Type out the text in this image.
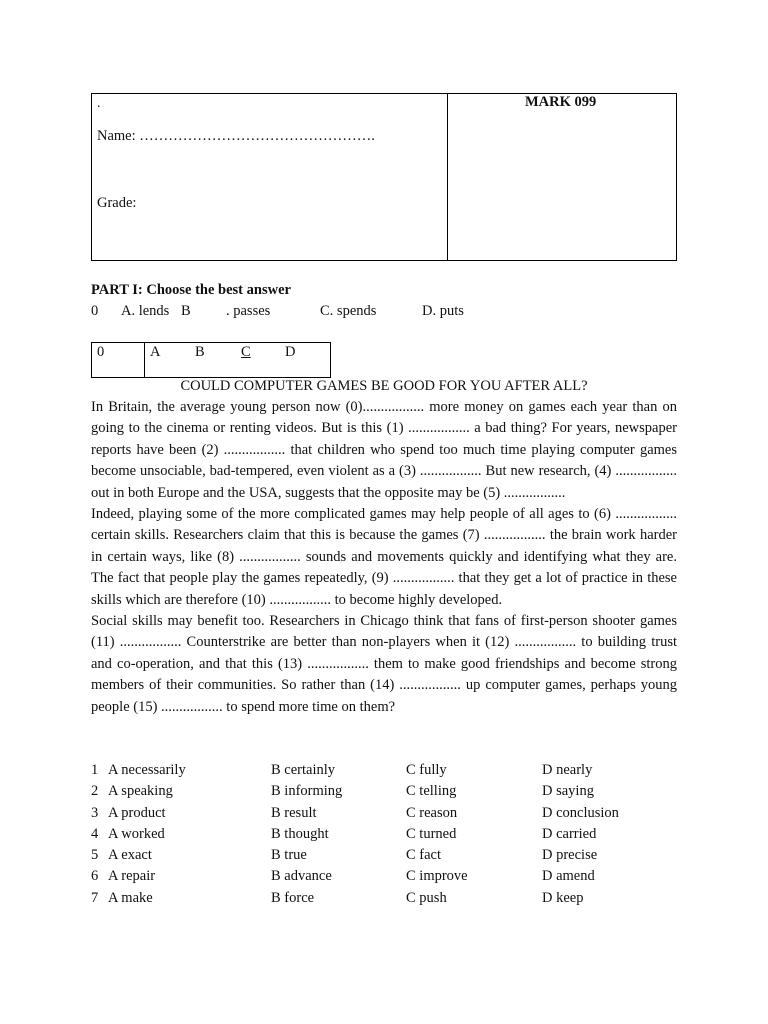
.
Name: ………………………………………….
Grade:
MARK 099
PART I: Choose the best answer

0

A. lends

B

. passes

	C. spends

	D. puts

0	A B	C D
COULD COMPUTER GAMES BE GOOD FOR YOU AFTER ALL?

In Britain, the average young person now (0)................. more money on games each year than on going to the cinema or renting videos. But is this (1) ................. a bad thing? For years, newspaper reports have been (2) ................. that children who spend too much time playing computer games become unsociable, bad-tempered, even violent as a (3) ................. But new research, (4) ................. out in both Europe and the USA, suggests that the opposite may be (5) .................

Indeed, playing some of the more complicated games may help people of all ages to (6) ................. certain skills. Researchers claim that this is because the games (7) ................. the brain work harder in certain ways, like (8) ................. sounds and movements quickly and identifying what they are. The fact that people play the games repeatedly, (9) ................. that they get a lot of practice in these skills which are therefore (10) ................. to become highly developed.

Social skills may benefit too. Researchers in Chicago think that fans of first-person shooter games (11) ................. Counterstrike are better than non-players when it (12) ................. to building trust and co-operation, and that this (13) ................. them to make good friendships and become strong members of their communities. So rather than (14) ................. up computer games, perhaps young people (15) ................. to spend more time on them?

1 A necessarily	B certainly	C fully	D nearly
2 A speaking	B informing	C telling	D saying
3 A product	B result	C reason	D conclusion
4 A worked	B thought	C turned	D carried
5 A exact	B true	C fact	D precise
6 A repair	B advance	C improve	D amend
7 A make	B force	C push	D keep
